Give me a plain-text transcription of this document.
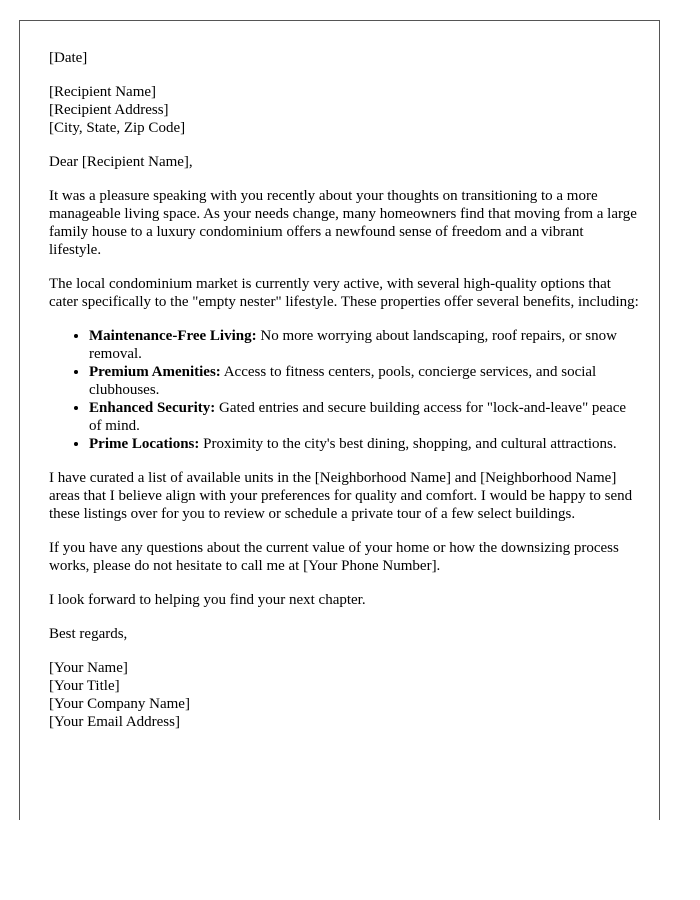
[Date]

[Recipient Name]
[Recipient Address]
[City, State, Zip Code]

Dear [Recipient Name],

It was a pleasure speaking with you recently about your thoughts on transitioning to a more manageable living space. As your needs change, many homeowners find that moving from a large family house to a luxury condominium offers a newfound sense of freedom and a vibrant lifestyle.

The local condominium market is currently very active, with several high-quality options that cater specifically to the "empty nester" lifestyle. These properties offer several benefits, including:

• Maintenance-Free Living: No more worrying about landscaping, roof repairs, or snow removal.
• Premium Amenities: Access to fitness centers, pools, concierge services, and social clubhouses.
• Enhanced Security: Gated entries and secure building access for "lock-and-leave" peace of mind.
• Prime Locations: Proximity to the city's best dining, shopping, and cultural attractions.

I have curated a list of available units in the [Neighborhood Name] and [Neighborhood Name] areas that I believe align with your preferences for quality and comfort. I would be happy to send these listings over for you to review or schedule a private tour of a few select buildings.

If you have any questions about the current value of your home or how the downsizing process works, please do not hesitate to call me at [Your Phone Number].

I look forward to helping you find your next chapter.

Best regards,

[Your Name]
[Your Title]
[Your Company Name]
[Your Email Address]
